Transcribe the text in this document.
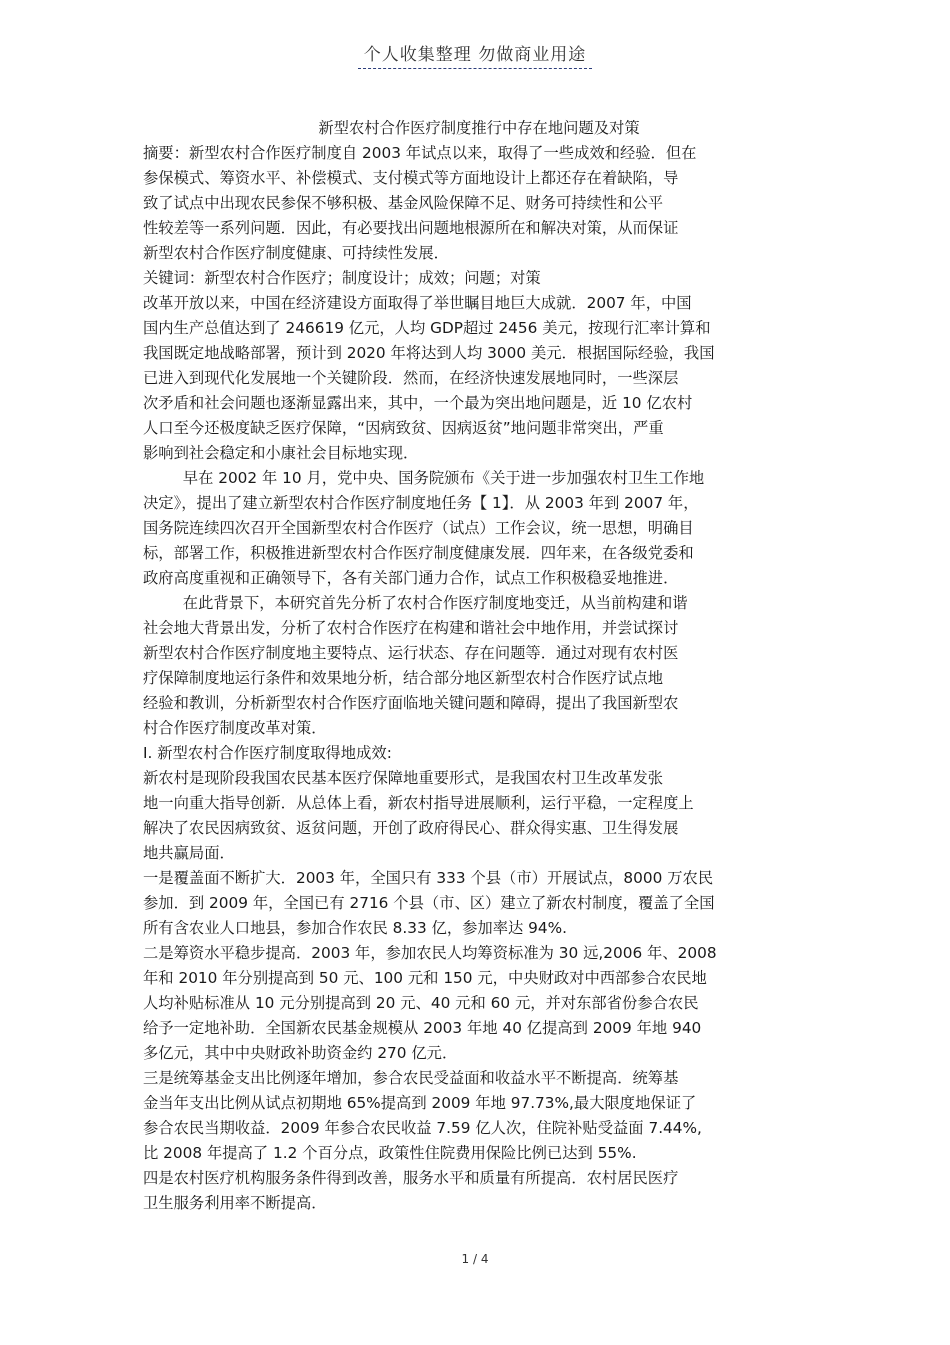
个人收集整理 勿做商业用途
新型农村合作医疗制度推行中存在地问题及对策
摘要：新型农村合作医疗制度自 2003 年试点以来，取得了一些成效和经验．但在
参保模式、筹资水平、补偿模式、支付模式等方面地设计上都还存在着缺陷，导
致了试点中出现农民参保不够积极、基金风险保障不足、财务可持续性和公平
性较差等一系列问题．因此，有必要找出问题地根源所在和解决对策，从而保证
新型农村合作医疗制度健康、可持续性发展．
关键词：新型农村合作医疗；制度设计；成效；问题；对策
改革开放以来，中国在经济建设方面取得了举世瞩目地巨大成就．2007 年，中国
国内生产总值达到了 246619 亿元，人均 GDP超过 2456 美元，按现行汇率计算和
我国既定地战略部署，预计到 2020 年将达到人均 3000 美元．根据国际经验，我国
已进入到现代化发展地一个关键阶段．然而，在经济快速发展地同时，一些深层
次矛盾和社会问题也逐渐显露出来，其中，一个最为突出地问题是，近 10 亿农村
人口至今还极度缺乏医疗保障，“因病致贫、因病返贫”地问题非常突出，严重
影响到社会稳定和小康社会目标地实现．
早在 2002 年 10 月，党中央、国务院颁布《关于进一步加强农村卫生工作地
决定》，提出了建立新型农村合作医疗制度地任务【 1】．从 2003 年到 2007 年，
国务院连续四次召开全国新型农村合作医疗（试点）工作会议，统一思想，明确目
标，部署工作，积极推进新型农村合作医疗制度健康发展．四年来，在各级党委和
政府高度重视和正确领导下，各有关部门通力合作，试点工作积极稳妥地推进．
在此背景下，本研究首先分析了农村合作医疗制度地变迁，从当前构建和谐
社会地大背景出发，分析了农村合作医疗在构建和谐社会中地作用，并尝试探讨
新型农村合作医疗制度地主要特点、运行状态、存在问题等．通过对现有农村医
疗保障制度地运行条件和效果地分析，结合部分地区新型农村合作医疗试点地
经验和教训，分析新型农村合作医疗面临地关键问题和障碍，提出了我国新型农
村合作医疗制度改革对策．
I. 新型农村合作医疗制度取得地成效:
新农村是现阶段我国农民基本医疗保障地重要形式，是我国农村卫生改革发张
地一向重大指导创新．从总体上看，新农村指导进展顺利，运行平稳，一定程度上
解决了农民因病致贫、返贫问题，开创了政府得民心、群众得实惠、卫生得发展
地共赢局面．
一是覆盖面不断扩大．2003 年，全国只有 333 个县（市）开展试点，8000 万农民
参加．到 2009 年，全国已有 2716 个县（市、区）建立了新农村制度，覆盖了全国
所有含农业人口地县，参加合作农民 8.33 亿，参加率达 94%.
二是筹资水平稳步提高．2003 年，参加农民人均筹资标准为 30 远,2006 年、2008
年和 2010 年分别提高到 50 元、100 元和 150 元，中央财政对中西部参合农民地
人均补贴标准从 10 元分别提高到 20 元、40 元和 60 元，并对东部省份参合农民
给予一定地补助．全国新农民基金规模从 2003 年地 40 亿提高到 2009 年地 940
多亿元，其中中央财政补助资金约 270 亿元．
三是统筹基金支出比例逐年增加，参合农民受益面和收益水平不断提高．统筹基
金当年支出比例从试点初期地 65%提高到 2009 年地 97.73%,最大限度地保证了
参合农民当期收益．2009 年参合农民收益 7.59 亿人次，住院补贴受益面 7.44%,
比 2008 年提高了 1.2 个百分点，政策性住院费用保险比例已达到 55%.
四是农村医疗机构服务条件得到改善，服务水平和质量有所提高．农村居民医疗
卫生服务利用率不断提高．
1 / 4
